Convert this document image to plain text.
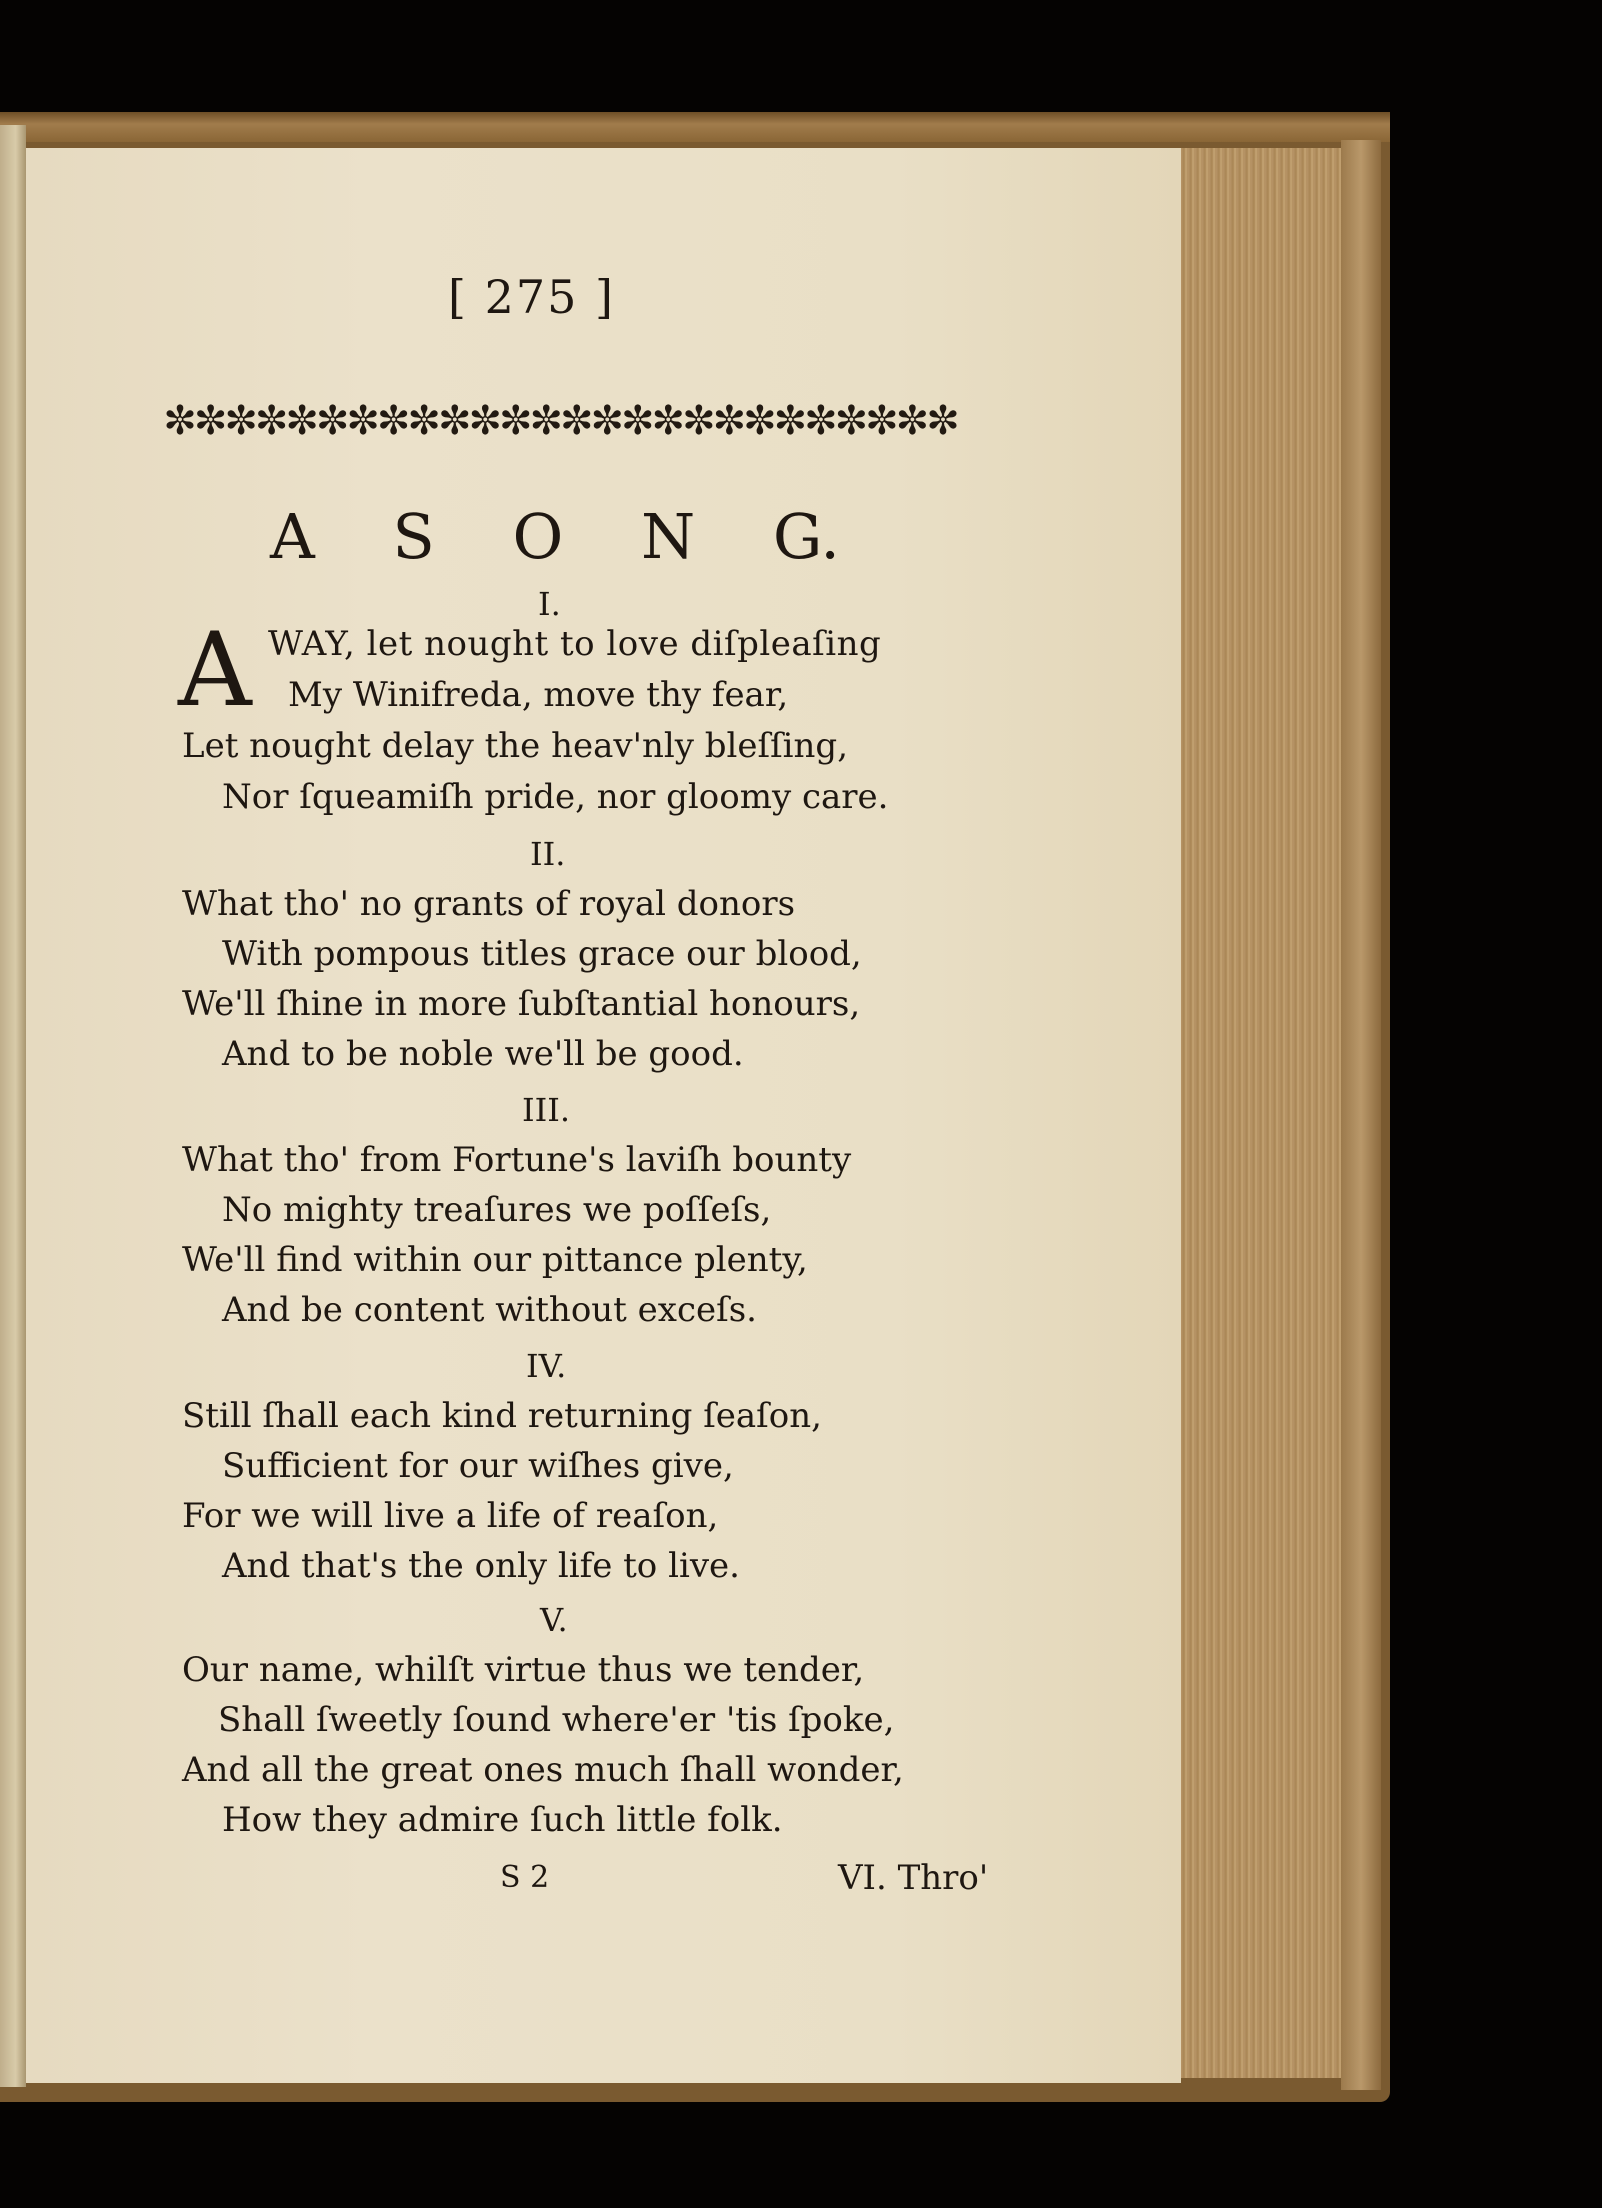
[ 275 ]
✼✼✼✼✼✼✼✼✼✼✼✼✼✼✼✼✼✼✼✼✼✼✼✼✼✼
A S O N G.
I.
A WAY, let nought to love diſpleaſing
My Winifreda, move thy fear,
Let nought delay the heav'nly bleſſing,
Nor ſqueamiſh pride, nor gloomy care.
II.
What tho' no grants of royal donors
With pompous titles grace our blood,
We'll ſhine in more ſubſtantial honours,
And to be noble we'll be good.
III.
What tho' from Fortune's laviſh bounty
No mighty treaſures we poſſeſs,
We'll find within our pittance plenty,
And be content without exceſs.
IV.
Still ſhall each kind returning ſeaſon,
Sufficient for our wiſhes give,
For we will live a life of reaſon,
And that's the only life to live.
V.
Our name, whilſt virtue thus we tender,
Shall ſweetly ſound where'er 'tis ſpoke,
And all the great ones much ſhall wonder,
How they admire ſuch little folk.
S 2	VI. Thro'
